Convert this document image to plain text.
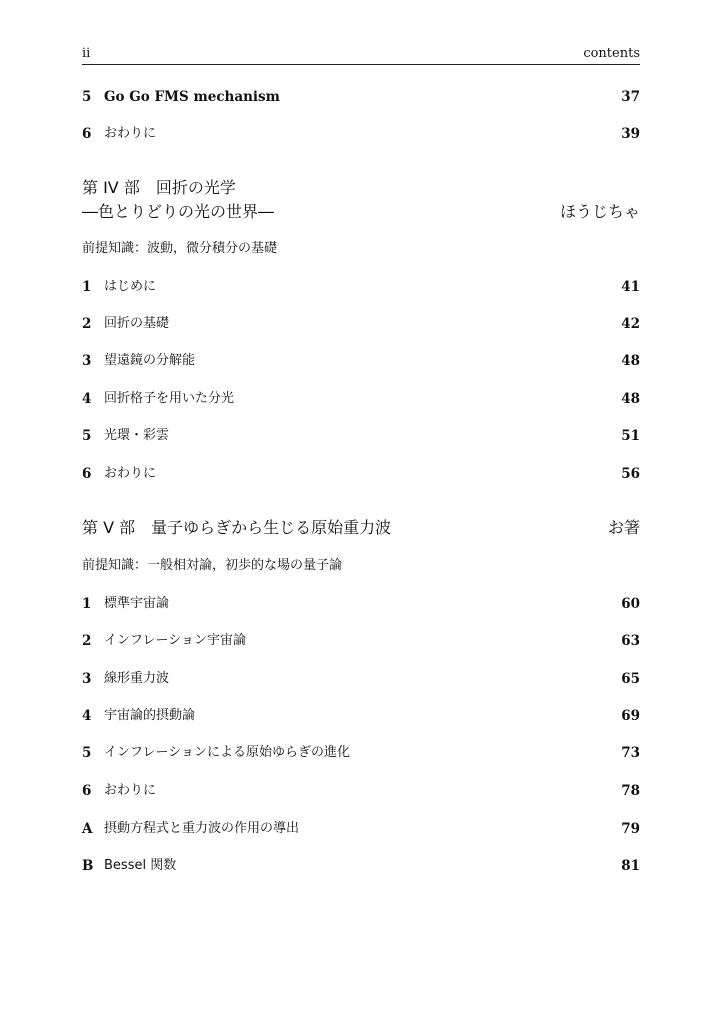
ii	contents
5 Go Go FMS mechanism	37
6 おわりに	39
第 IV 部　回折の光学
―色とりどりの光の世界―	ほうじちゃ
前提知識：波動，微分積分の基礎
1 はじめに	41
2 回折の基礎	42
3 望遠鏡の分解能	48
4 回折格子を用いた分光	48
5 光環・彩雲	51
6 おわりに	56
第 V 部　量子ゆらぎから生じる原始重力波	お箸
前提知識：一般相対論，初歩的な場の量子論
1 標準宇宙論	60
2 インフレーション宇宙論	63
3 線形重力波	65
4 宇宙論的摂動論	69
5 インフレーションによる原始ゆらぎの進化	73
6 おわりに	78
A 摂動方程式と重力波の作用の導出	79
B Bessel 関数	81
